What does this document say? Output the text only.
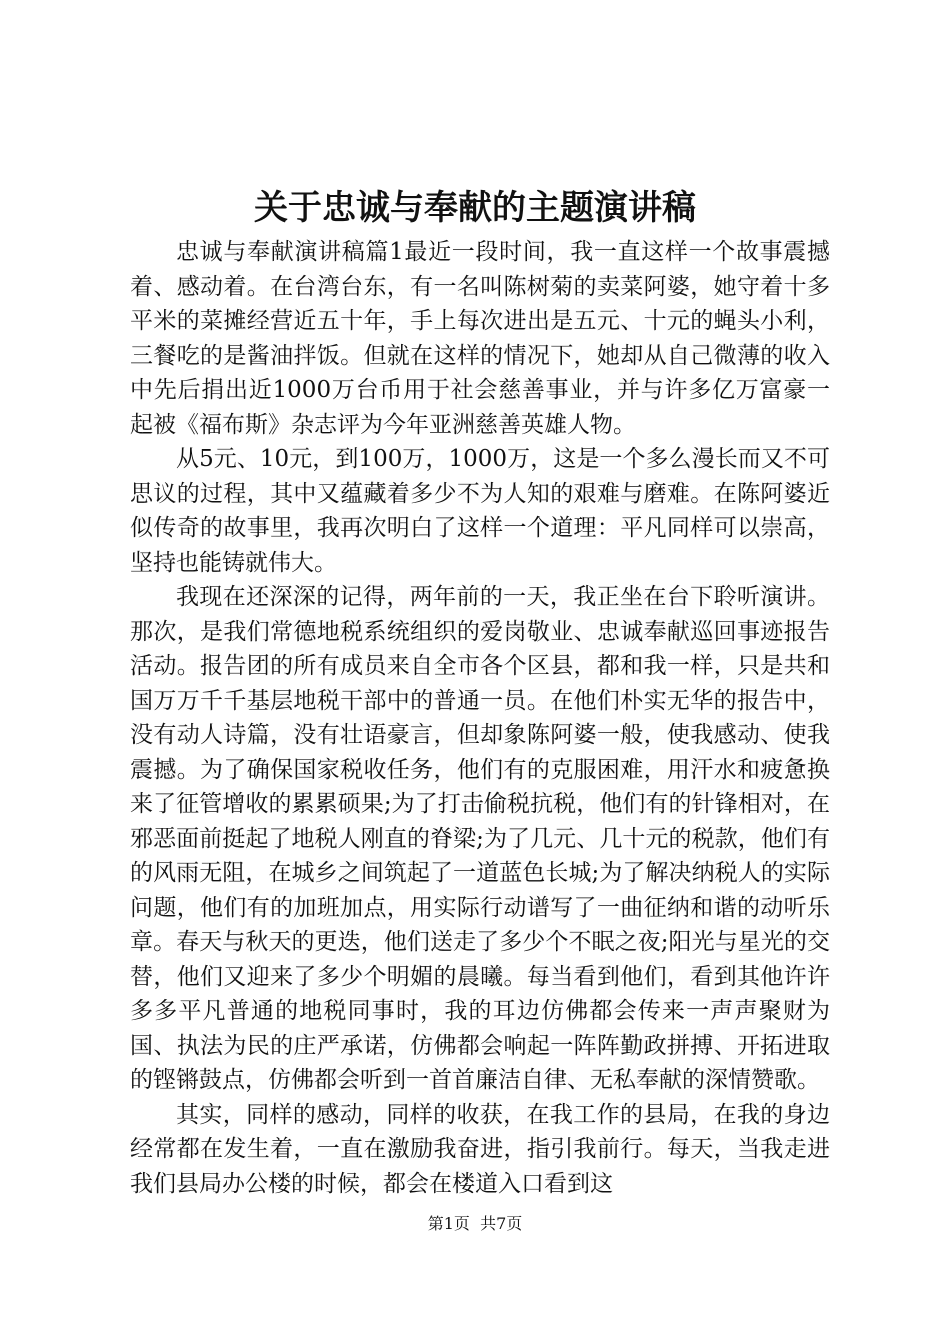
关于忠诚与奉献的主题演讲稿

忠诚与奉献演讲稿篇1最近一段时间，我一直这样一个故事震撼着、感动着。在台湾台东，有一名叫陈树菊的卖菜阿婆，她守着十多平米的菜摊经营近五十年，手上每次进出是五元、十元的蝇头小利，三餐吃的是酱油拌饭。但就在这样的情况下，她却从自己微薄的收入中先后捐出近1000万台币用于社会慈善事业，并与许多亿万富豪一起被《福布斯》杂志评为今年亚洲慈善英雄人物。

从5元、10元，到100万，1000万，这是一个多么漫长而又不可思议的过程，其中又蕴藏着多少不为人知的艰难与磨难。在陈阿婆近似传奇的故事里，我再次明白了这样一个道理：平凡同样可以崇高，坚持也能铸就伟大。

我现在还深深的记得，两年前的一天，我正坐在台下聆听演讲。那次，是我们常德地税系统组织的爱岗敬业、忠诚奉献巡回事迹报告活动。报告团的所有成员来自全市各个区县，都和我一样，只是共和国万万千千基层地税干部中的普通一员。在他们朴实无华的报告中，没有动人诗篇，没有壮语豪言，但却象陈阿婆一般，使我感动、使我震撼。为了确保国家税收任务，他们有的克服困难，用汗水和疲惫换来了征管增收的累累硕果;为了打击偷税抗税，他们有的针锋相对，在邪恶面前挺起了地税人刚直的脊梁;为了几元、几十元的税款，他们有的风雨无阻，在城乡之间筑起了一道蓝色长城;为了解决纳税人的实际问题，他们有的加班加点，用实际行动谱写了一曲征纳和谐的动听乐章。春天与秋天的更迭，他们送走了多少个不眠之夜;阳光与星光的交替，他们又迎来了多少个明媚的晨曦。每当看到他们，看到其他许许多多平凡普通的地税同事时，我的耳边仿佛都会传来一声声聚财为国、执法为民的庄严承诺，仿佛都会响起一阵阵勤政拼搏、开拓进取的铿锵鼓点，仿佛都会听到一首首廉洁自律、无私奉献的深情赞歌。

其实，同样的感动，同样的收获，在我工作的县局，在我的身边经常都在发生着，一直在激励我奋进，指引我前行。每天，当我走进我们县局办公楼的时候，都会在楼道入口看到这

第1页  共7页
